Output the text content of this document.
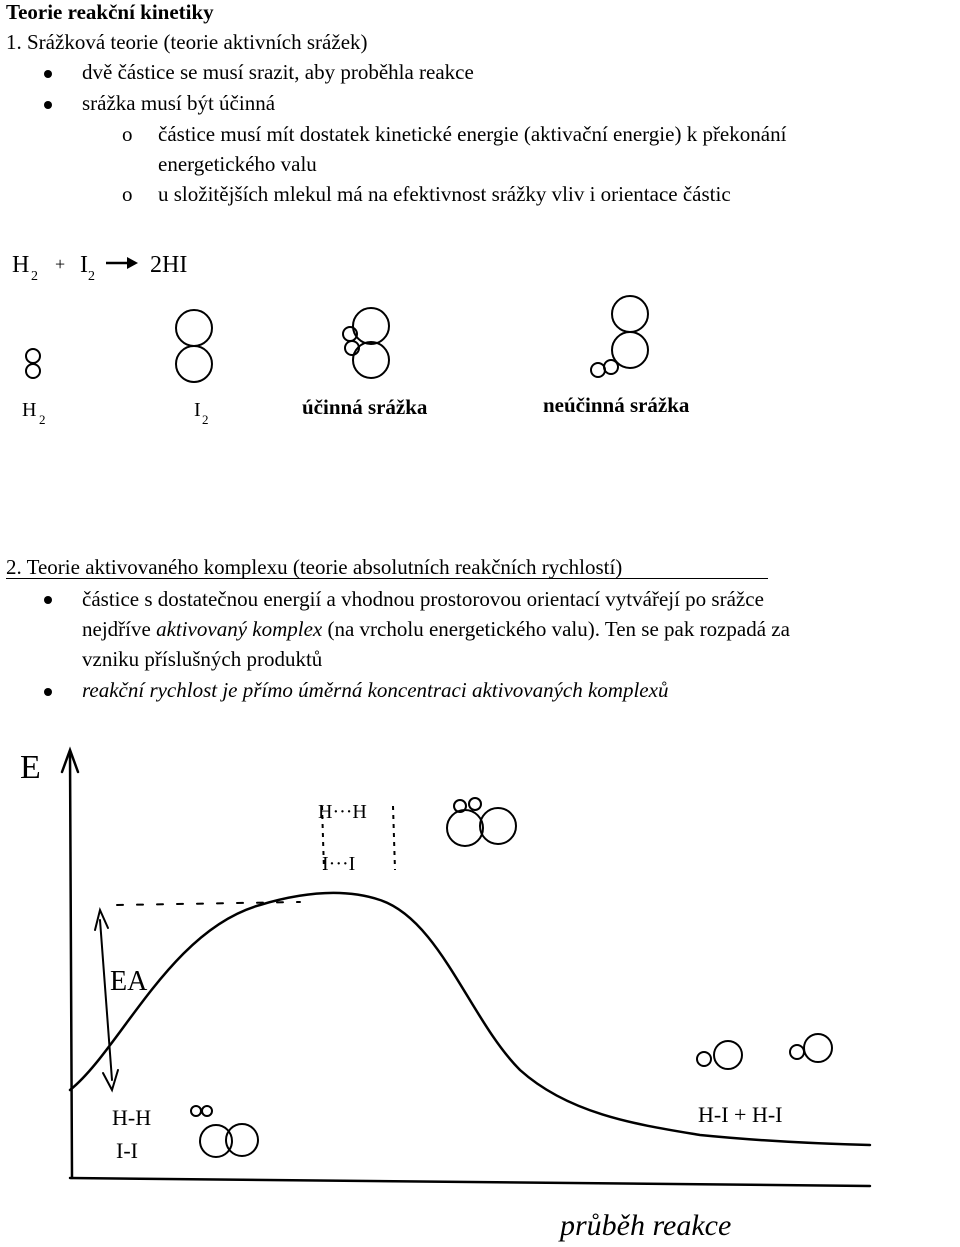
Teorie reakční kinetiky
1. Srážková teorie (teorie aktivních srážek)
dvě částice se musí srazit, aby proběhla reakce
srážka musí být účinná
o částice musí mít dostatek kinetické energie (aktivační energie) k překonání
energetického valu
o u složitějších mlekul má na efektivnost srážky vliv i orientace částic
H 2
+ I 2 2HI
H 2	I 2
účinná srážka	neúčinná srážka
2. Teorie aktivovaného komplexu (teorie absolutních reakčních rychlostí)
částice s dostatečnou energií a vhodnou prostorovou orientací vytvářejí po srážce
nejdříve aktivovaný komplex (na vrcholu energetického valu). Ten se pak rozpadá za
vzniku příslušných produktů
reakční rychlost je přímo úměrná koncentraci aktivovaných komplexů
E
EA
H···H
I···I
H-H
I-I
H-I + H-I
průběh reakce
